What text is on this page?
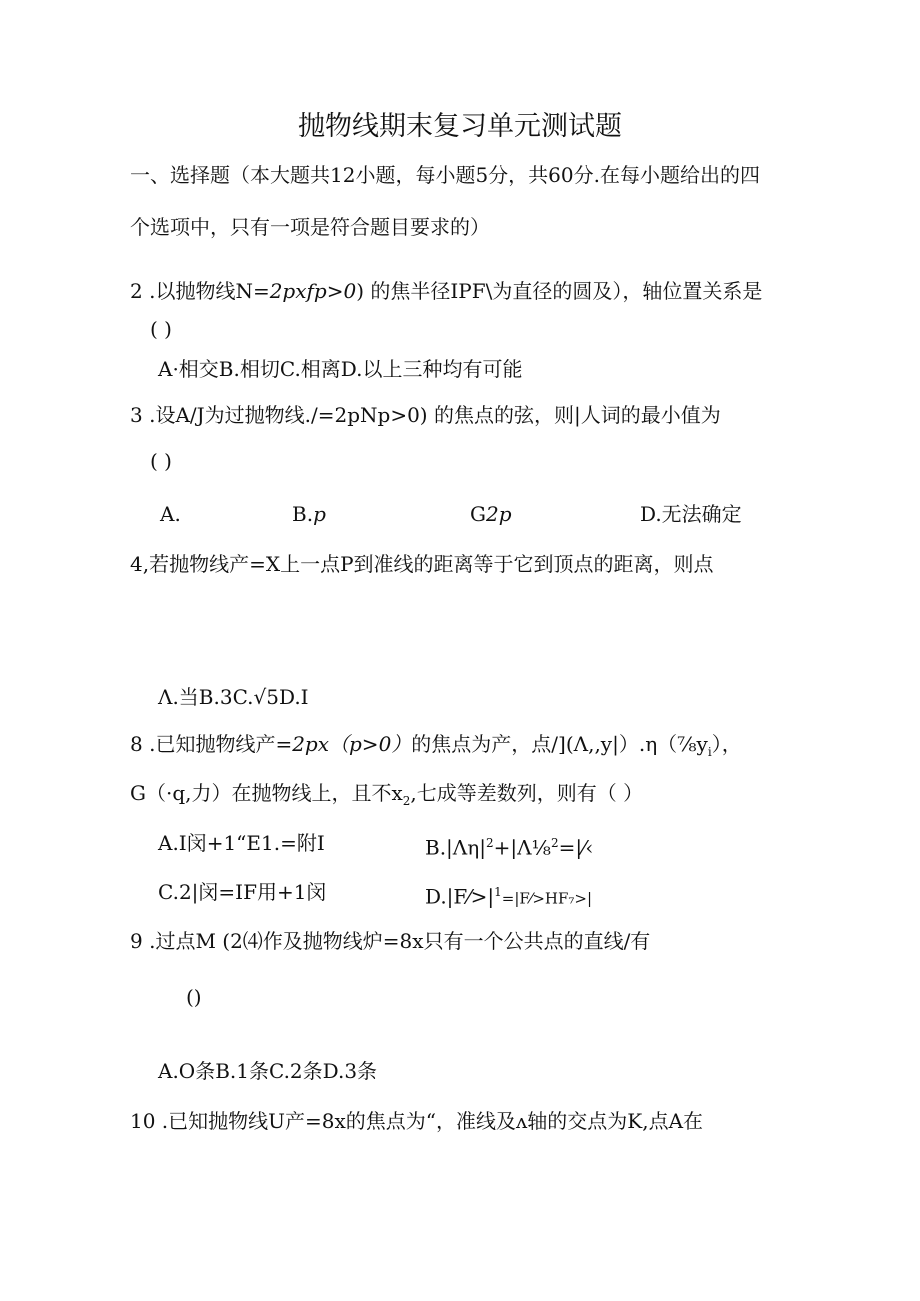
抛物线期末复习单元测试题
一、选择题（本大题共12小题，每小题5分，共60分.在每小题给出的四
个选项中，只有一项是符合题目要求的）
2 .以抛物线N=2pxfp>0) 的焦半径IPF\为直径的圆及），轴位置关系是
( )
A·相交B.相切C.相离D.以上三种均有可能
3 .设A/J为过抛物线./=2pNp>0) 的焦点的弦，则|人词的最小值为
( )
A.	B.p	G2p	D.无法确定
4,若抛物线产=X上一点P到准线的距离等于它到顶点的距离，则点
Λ.当B.3C.√5D.I
8 .已知抛物线产=2px（p>0）的焦点为产，点$/](\Lambda,,y|).\eta(\frac{7}{8}y_i)$，
G（·q,力）在抛物线上，且不$x_2$,七成等差数列，则有（ ）
A.I闵+1“E1.=附I	$B.|\Lambda\eta|^2+|\Lambda\frac{1}{8}^2=|⁄‹$
C.2|闵=IF用+1闵	$D.|F⁄>|^1=|F⁄>HF_7>|$
9 .过点M (2⑷作及抛物线炉=8x只有一个公共点的直线/有
()
A.O条B.1条C.2条D.3条
10 .已知抛物线U产=8x的焦点为“，准线及ʌ轴的交点为K,点A在
